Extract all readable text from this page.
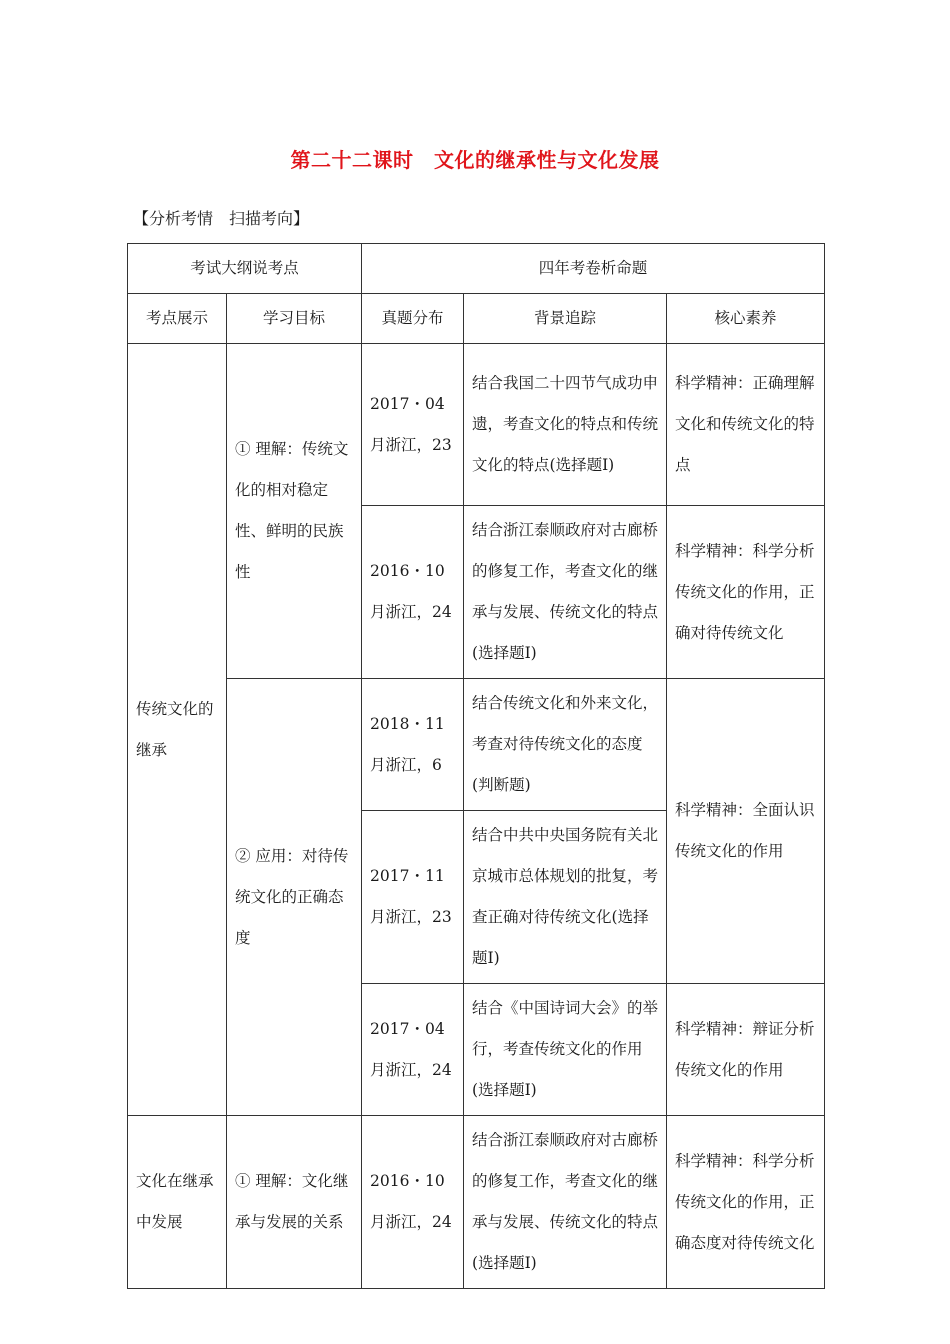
第二十二课时　文化的继承性与文化发展
【分析考情　扫描考向】
考试大纲说考点		四年考卷析命题		
考点展示	学习目标	真题分布	背景追踪	核心素养
传统文化的继承	① 理解：传统文化的相对稳定性、鲜明的民族性	2017・04月浙江，23	结合我国二十四节气成功申遗，考查文化的特点和传统文化的特点(选择题Ⅰ)	科学精神：正确理解文化和传统文化的特点
		2016・10月浙江，24	结合浙江泰顺政府对古廊桥的修复工作，考查文化的继承与发展、传统文化的特点(选择题Ⅰ)	科学精神：科学分析传统文化的作用，正确对待传统文化
	② 应用：对待传统文化的正确态度	2018・11月浙江，6	结合传统文化和外来文化，考查对待传统文化的态度(判断题)	科学精神：全面认识传统文化的作用
		2017・11月浙江，23	结合中共中央国务院有关北京城市总体规划的批复，考查正确对待传统文化(选择题Ⅰ)	
		2017・04月浙江，24	结合《中国诗词大会》的举行，考查传统文化的作用(选择题Ⅰ)	科学精神：辩证分析传统文化的作用
文化在继承中发展	① 理解：文化继承与发展的关系	2016・10月浙江，24	结合浙江泰顺政府对古廊桥的修复工作，考查文化的继承与发展、传统文化的特点(选择题Ⅰ)	科学精神：科学分析传统文化的作用，正确态度对待传统文化
